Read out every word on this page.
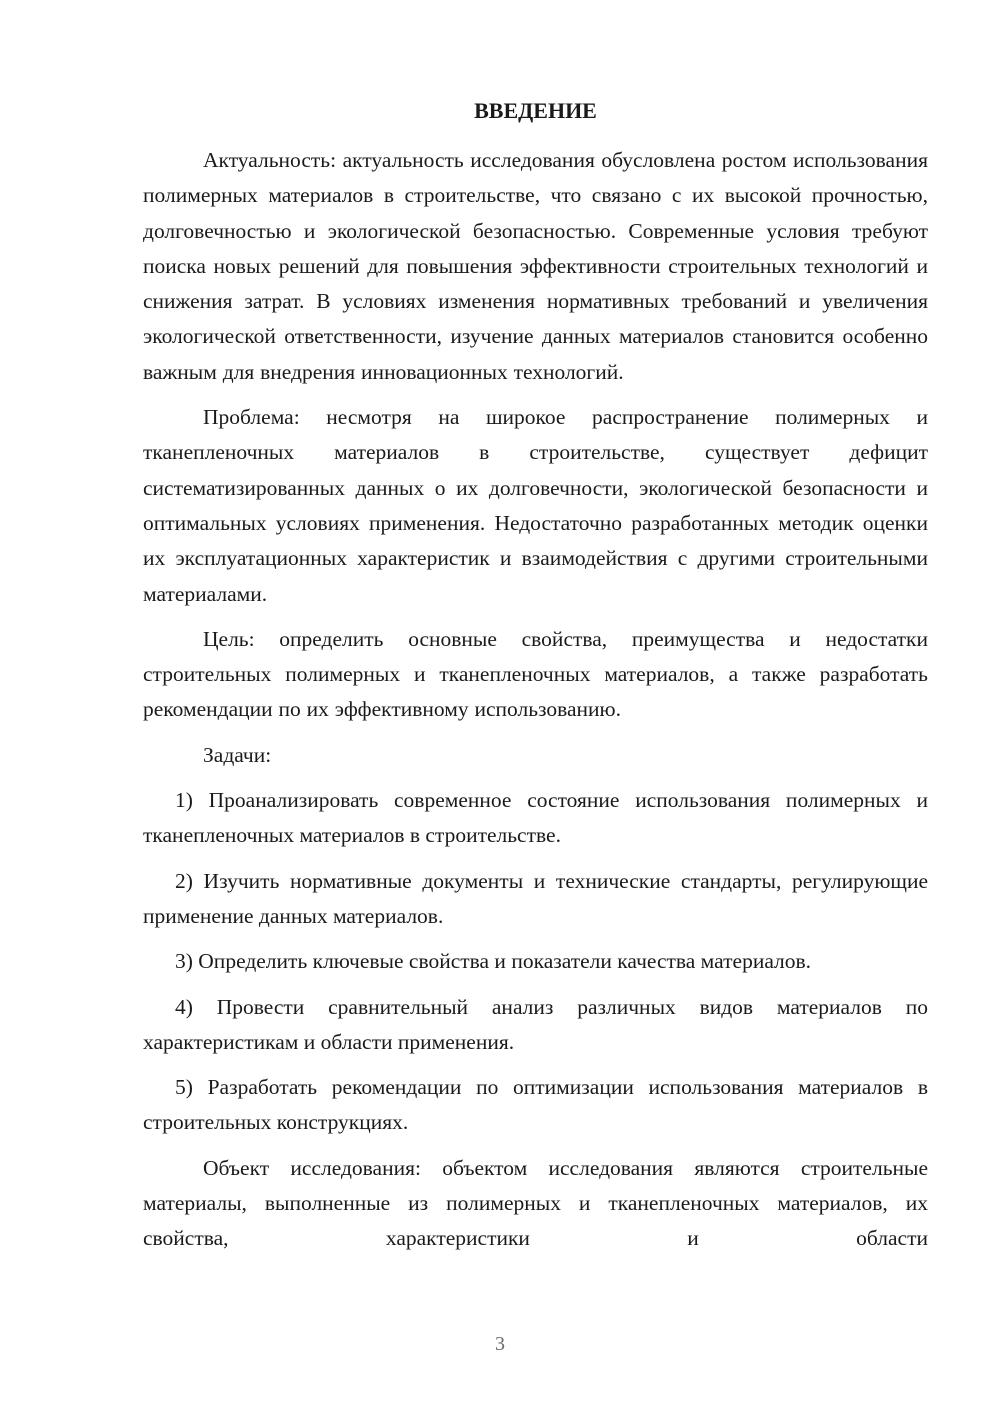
ВВЕДЕНИЕ

Актуальность: актуальность исследования обусловлена ростом использования полимерных материалов в строительстве, что связано с их высокой прочностью, долговечностью и экологической безопасностью. Современные условия требуют поиска новых решений для повышения эффективности строительных технологий и снижения затрат. В условиях изменения нормативных требований и увеличения экологической ответственности, изучение данных материалов становится особенно важным для внедрения инновационных технологий.

Проблема: несмотря на широкое распространение полимерных и тканепленочных материалов в строительстве, существует дефицит систематизированных данных о их долговечности, экологической безопасности и оптимальных условиях применения. Недостаточно разработанных методик оценки их эксплуатационных характеристик и взаимодействия с другими строительными материалами.

Цель: определить основные свойства, преимущества и недостатки строительных полимерных и тканепленочных материалов, а также разработать рекомендации по их эффективному использованию.

Задачи:

1) Проанализировать современное состояние использования полимерных и тканепленочных материалов в строительстве.

2) Изучить нормативные документы и технические стандарты, регулирующие применение данных материалов.

3) Определить ключевые свойства и показатели качества материалов.

4) Провести сравнительный анализ различных видов материалов по характеристикам и области применения.

5) Разработать рекомендации по оптимизации использования материалов в строительных конструкциях.

Объект исследования: объектом исследования являются строительные материалы, выполненные из полимерных и тканепленочных материалов, их свойства, характеристики и области

3
